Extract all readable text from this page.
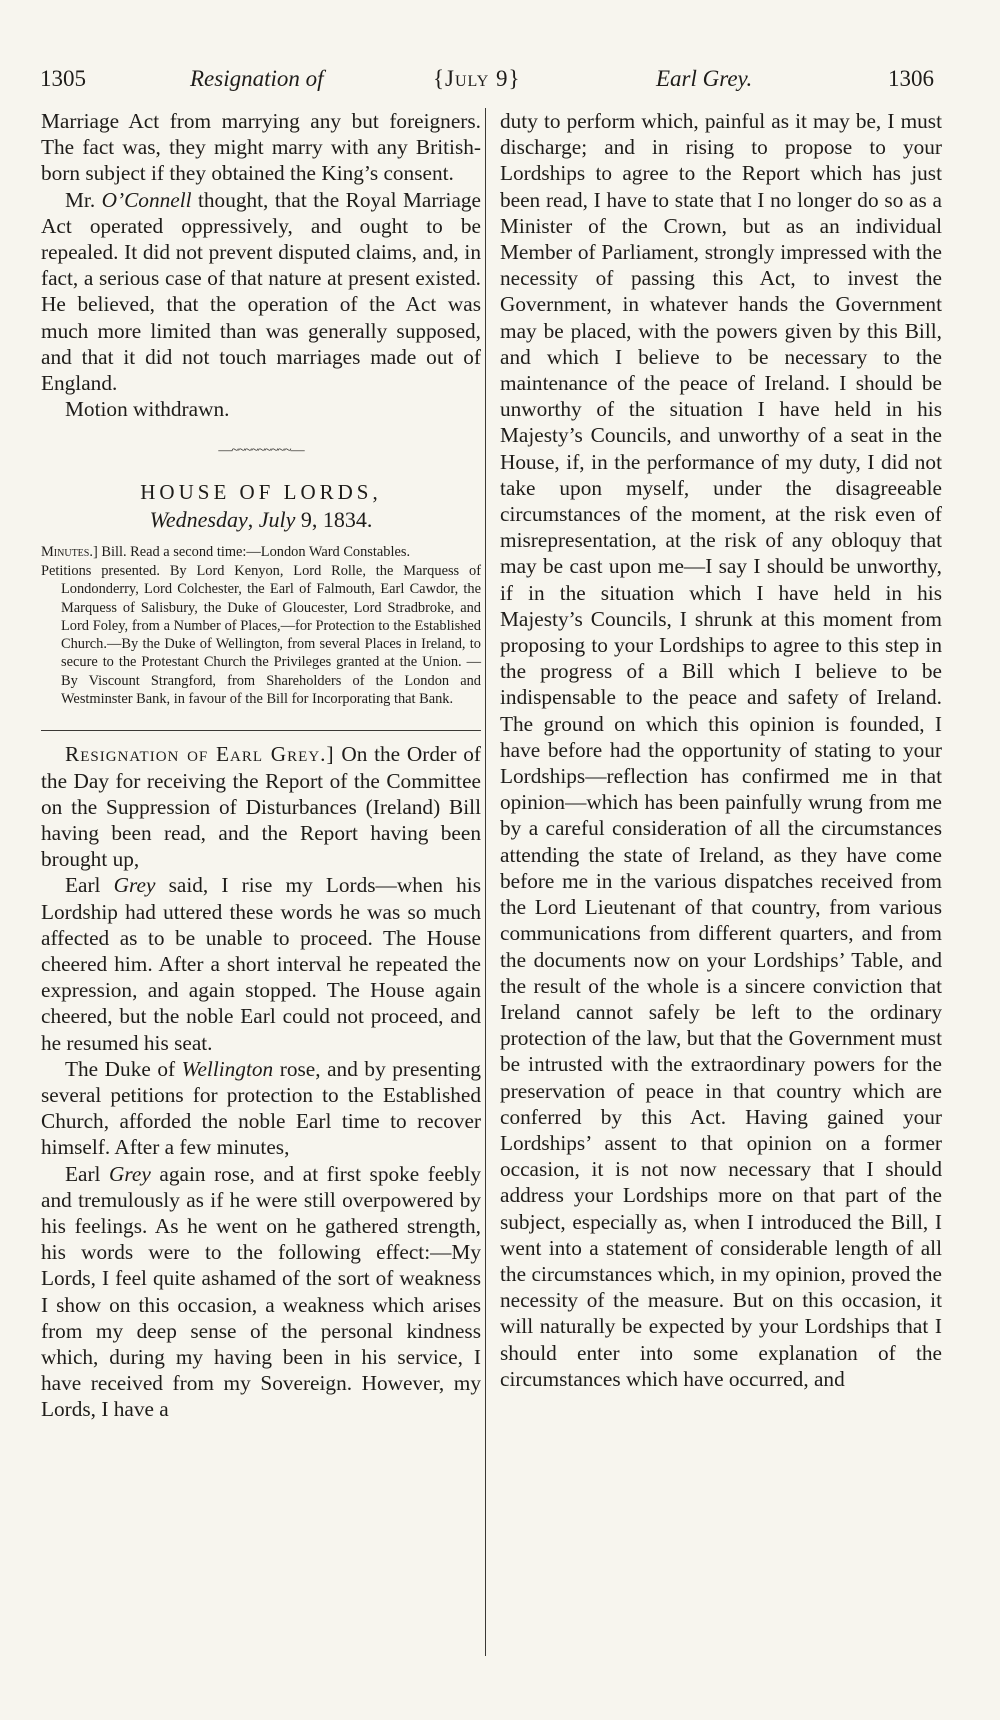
1305	Resignation of	{July 9}	Earl Grey.	1306

Marriage Act from marrying any but foreigners. The fact was, they might marry with any British-born subject if they obtained the King’s consent.

Mr. O’Connell thought, that the Royal Marriage Act operated oppressively, and ought to be repealed. It did not prevent disputed claims, and, in fact, a serious case of that nature at present existed. He believed, that the operation of the Act was much more limited than was generally supposed, and that it did not touch marriages made out of England.

Motion withdrawn.

—~~~~~~~~~—
HOUSE OF LORDS,
Wednesday, July 9, 1834.
Minutes.] Bill. Read a second time:—London Ward Constables.
Petitions presented. By Lord Kenyon, Lord Rolle, the Marquess of Londonderry, Lord Colchester, the Earl of Falmouth, Earl Cawdor, the Marquess of Salisbury, the Duke of Gloucester, Lord Stradbroke, and Lord Foley, from a Number of Places,—for Protection to the Established Church.—By the Duke of Wellington, from several Places in Ireland, to secure to the Protestant Church the Privileges granted at the Union. —By Viscount Strangford, from Shareholders of the London and Westminster Bank, in favour of the Bill for Incorporating that Bank.

Resignation of Earl Grey.] On the Order of the Day for receiving the Report of the Committee on the Suppression of Disturbances (Ireland) Bill having been read, and the Report having been brought up,

Earl Grey said, I rise my Lords—when his Lordship had uttered these words he was so much affected as to be unable to proceed. The House cheered him. After a short interval he repeated the expression, and again stopped. The House again cheered, but the noble Earl could not proceed, and he resumed his seat.

The Duke of Wellington rose, and by presenting several petitions for protection to the Established Church, afforded the noble Earl time to recover himself. After a few minutes,

Earl Grey again rose, and at first spoke feebly and tremulously as if he were still overpowered by his feelings. As he went on he gathered strength, his words were to the following effect:—My Lords, I feel quite ashamed of the sort of weakness I show on this occasion, a weakness which arises from my deep sense of the personal kindness which, during my having been in his service, I have received from my Sovereign. However, my Lords, I have a

duty to perform which, painful as it may be, I must discharge; and in rising to propose to your Lordships to agree to the Report which has just been read, I have to state that I no longer do so as a Minister of the Crown, but as an individual Member of Parliament, strongly impressed with the necessity of passing this Act, to invest the Government, in whatever hands the Government may be placed, with the powers given by this Bill, and which I believe to be necessary to the maintenance of the peace of Ireland. I should be unworthy of the situation I have held in his Majesty’s Councils, and unworthy of a seat in the House, if, in the performance of my duty, I did not take upon myself, under the disagreeable circumstances of the moment, at the risk even of misrepresentation, at the risk of any obloquy that may be cast upon me—I say I should be unworthy, if in the situation which I have held in his Majesty’s Councils, I shrunk at this moment from proposing to your Lordships to agree to this step in the progress of a Bill which I believe to be indispensable to the peace and safety of Ireland. The ground on which this opinion is founded, I have before had the opportunity of stating to your Lordships—reflection has confirmed me in that opinion—which has been painfully wrung from me by a careful consideration of all the circumstances attending the state of Ireland, as they have come before me in the various dispatches received from the Lord Lieutenant of that country, from various communications from different quarters, and from the documents now on your Lordships’ Table, and the result of the whole is a sincere conviction that Ireland cannot safely be left to the ordinary protection of the law, but that the Government must be intrusted with the extraordinary powers for the preservation of peace in that country which are conferred by this Act. Having gained your Lordships’ assent to that opinion on a former occasion, it is not now necessary that I should address your Lordships more on that part of the subject, especially as, when I introduced the Bill, I went into a statement of considerable length of all the circumstances which, in my opinion, proved the necessity of the measure. But on this occasion, it will naturally be expected by your Lordships that I should enter into some explanation of the circumstances which have occurred, and
